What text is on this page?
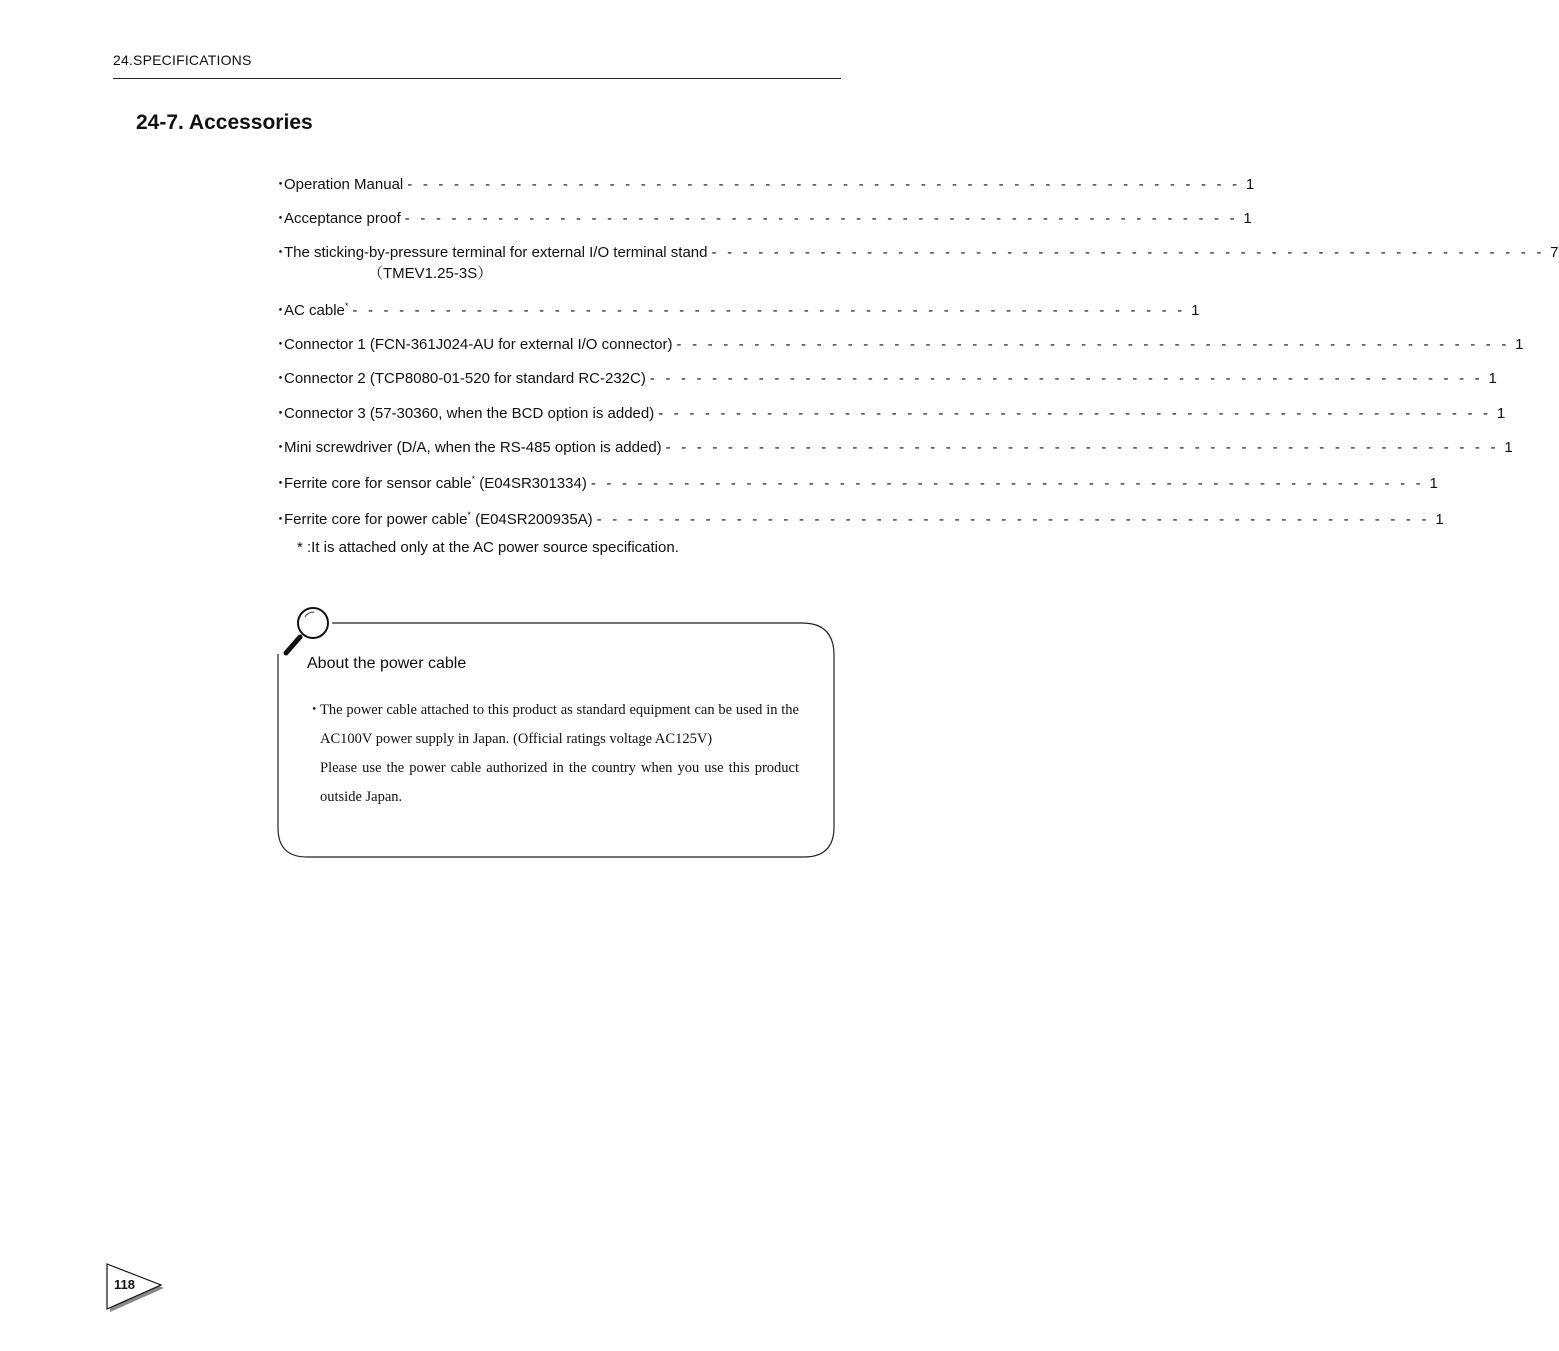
24.SPECIFICATIONS
24-7. Accessories
・
Operation Manual - - - - - - - - - - - - - - - - - - - - - - - - - - - - - - - - - - - - - - - - - - - - - - - - - - - - - - 1
・
Acceptance proof - - - - - - - - - - - - - - - - - - - - - - - - - - - - - - - - - - - - - - - - - - - - - - - - - - - - - - 1
・
The sticking-by-pressure terminal for external I/O terminal stand - - - - - - - - - - - - - - - - - - - - - - - - - - - - - - - - - - - - - - - - - - - - - - - - - - - - - - 7
（TMEV1.25-3S）
・
AC cable* - - - - - - - - - - - - - - - - - - - - - - - - - - - - - - - - - - - - - - - - - - - - - - - - - - - - - - 1
・
Connector 1 (FCN-361J024-AU for external I/O connector) - - - - - - - - - - - - - - - - - - - - - - - - - - - - - - - - - - - - - - - - - - - - - - - - - - - - - - 1
・
Connector 2 (TCP8080-01-520 for standard RC-232C) - - - - - - - - - - - - - - - - - - - - - - - - - - - - - - - - - - - - - - - - - - - - - - - - - - - - - - 1
・
Connector 3 (57-30360, when the BCD option is added) - - - - - - - - - - - - - - - - - - - - - - - - - - - - - - - - - - - - - - - - - - - - - - - - - - - - - - 1
・
Mini screwdriver (D/A, when the RS-485 option is added) - - - - - - - - - - - - - - - - - - - - - - - - - - - - - - - - - - - - - - - - - - - - - - - - - - - - - - 1
・
Ferrite core for sensor cable* (E04SR301334) - - - - - - - - - - - - - - - - - - - - - - - - - - - - - - - - - - - - - - - - - - - - - - - - - - - - - - 1
・
Ferrite core for power cable* (E04SR200935A) - - - - - - - - - - - - - - - - - - - - - - - - - - - - - - - - - - - - - - - - - - - - - - - - - - - - - - 1
* :It is attached only at the AC power source specification.
About the power cable
・
The power cable attached to this product as standard equipment can be used in the AC100V power supply in Japan. (Official ratings voltage AC125V)
Please use the power cable authorized in the country when you use this product outside Japan.
118
